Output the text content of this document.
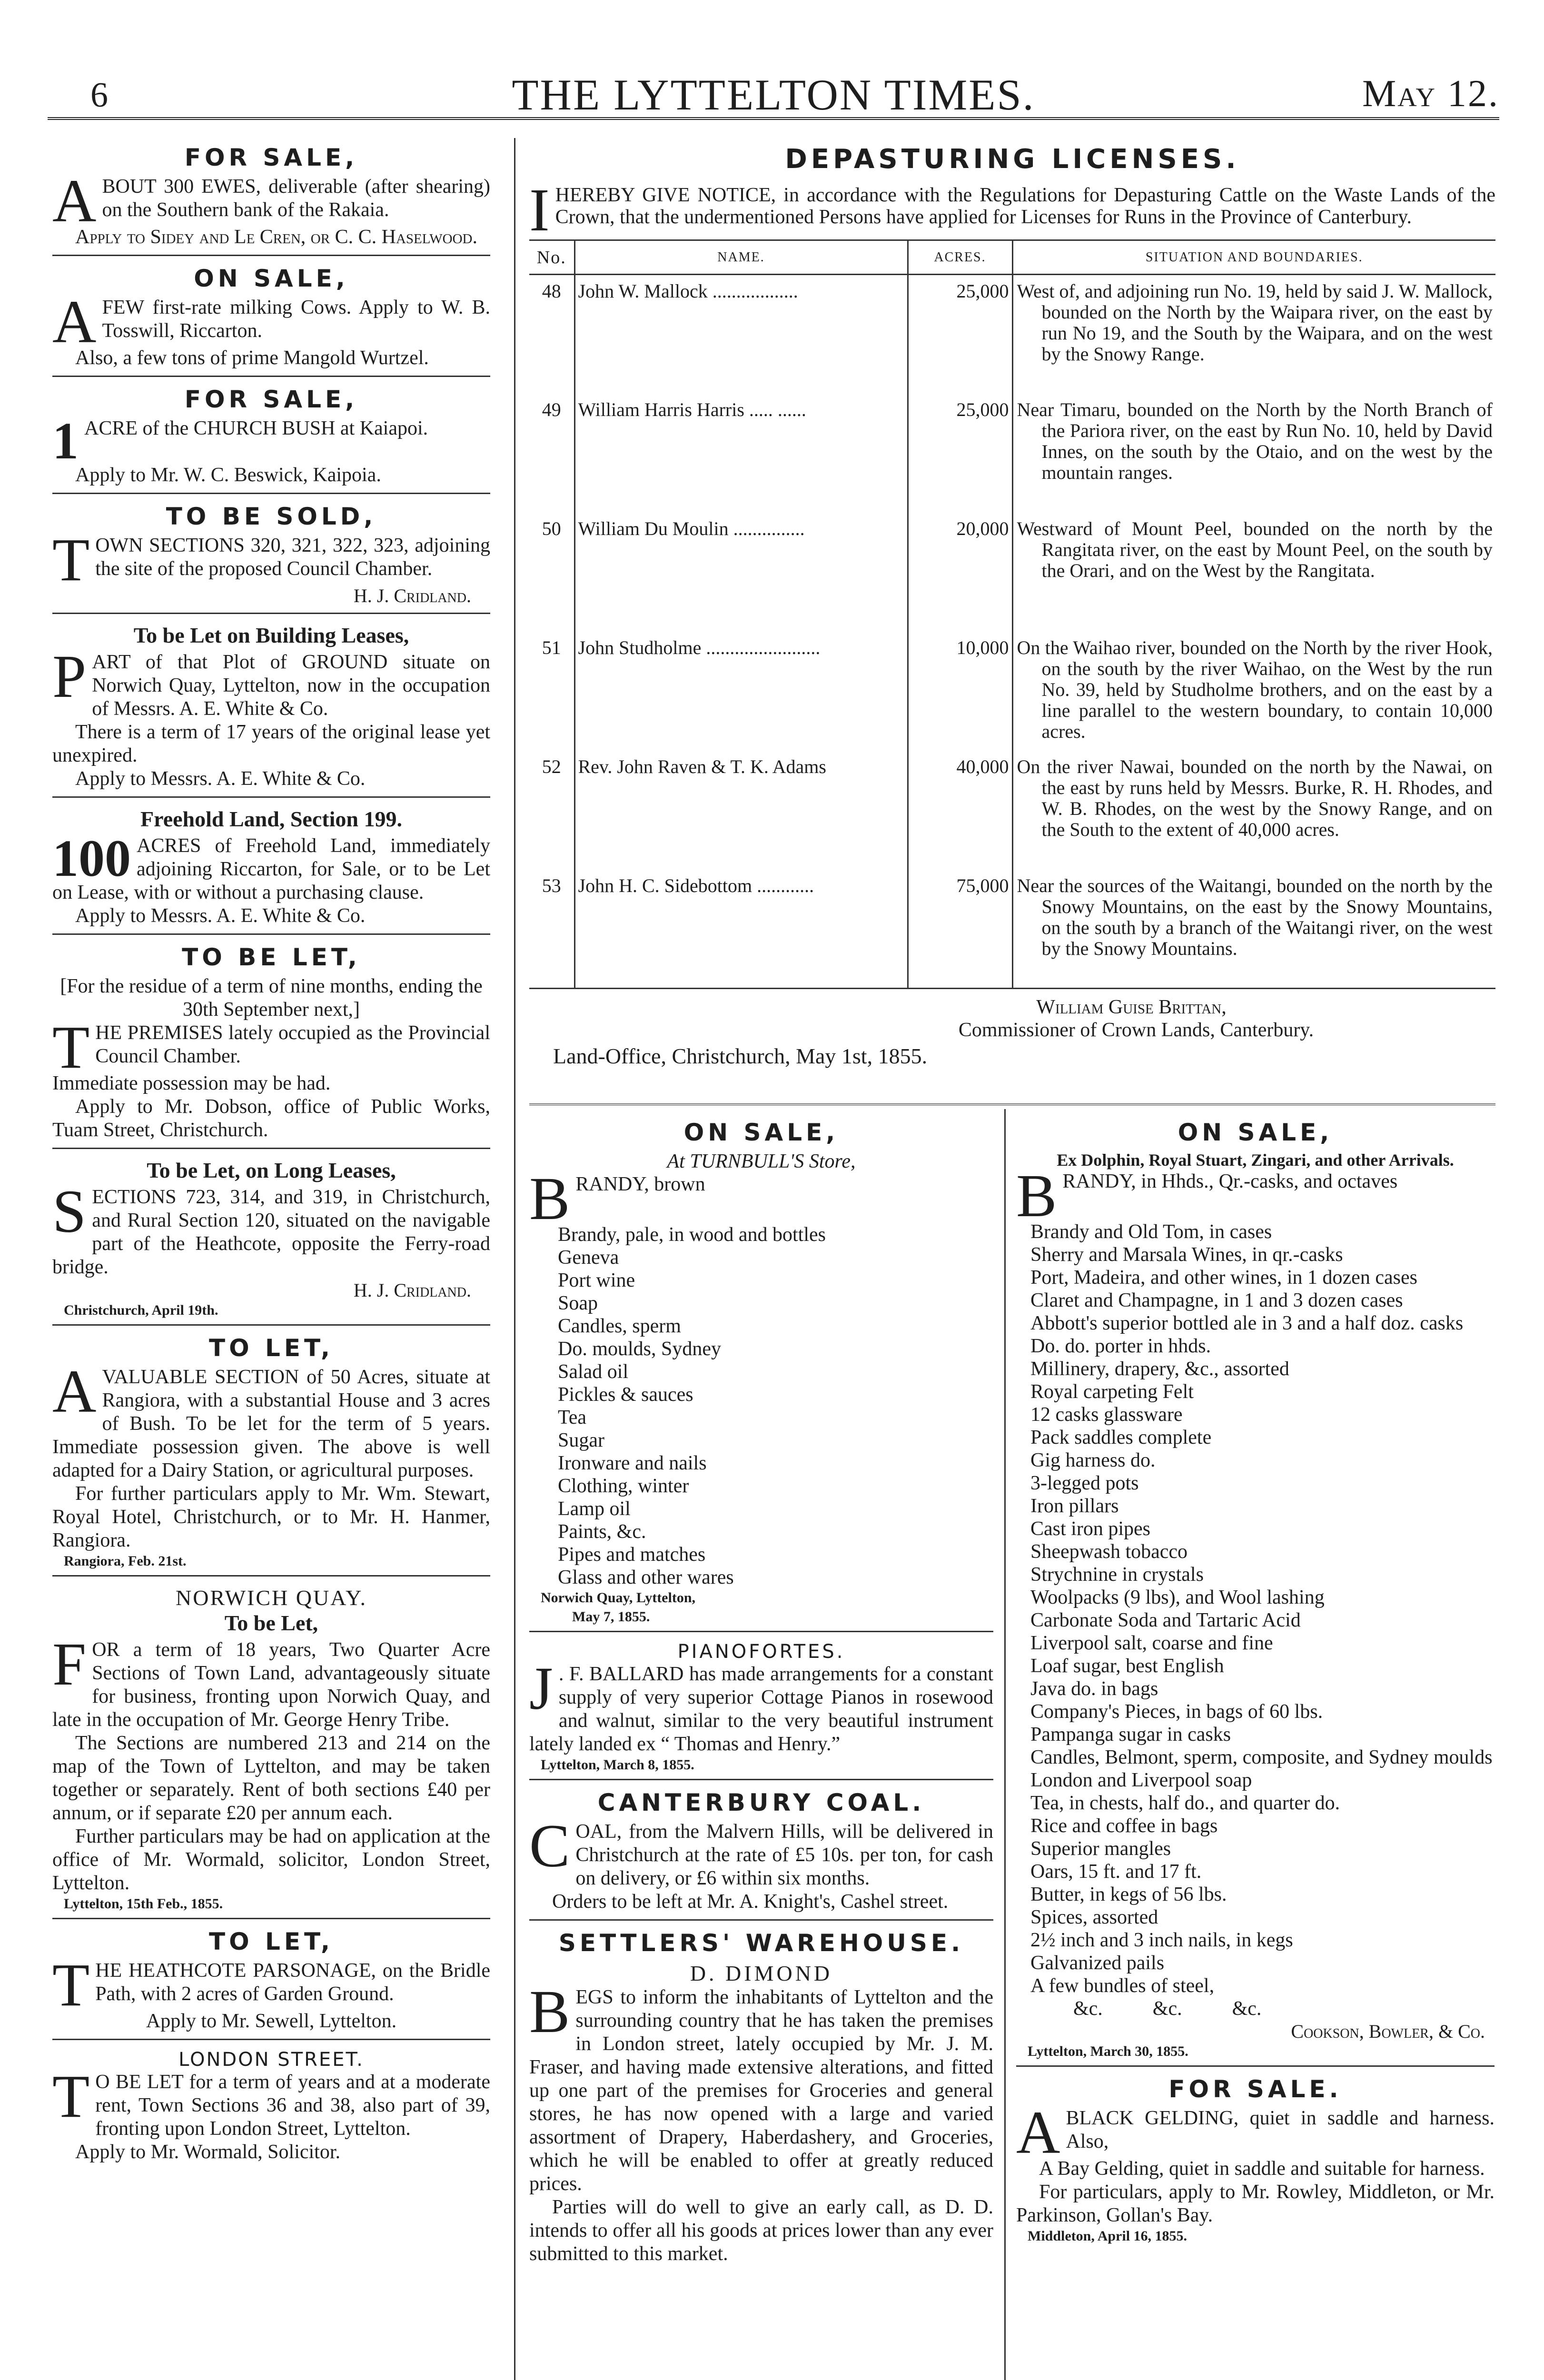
6	THE LYTTELTON TIMES.	May 12.
FOR SALE,

ABOUT 300 EWES, deliverable (after shearing) on the Southern bank of the Rakaia.

Apply to Sidey and Le Cren, or C. C. Haselwood.

ON SALE,

AFEW first-rate milking Cows. Apply to W. B. Tosswill, Riccarton.

Also, a few tons of prime Mangold Wurtzel.

FOR SALE,

1 ACRE of the CHURCH BUSH at Kaiapoi.

Apply to Mr. W. C. Beswick, Kaipoia.

TO BE SOLD,

TOWN SECTIONS 320, 321, 322, 323, adjoining the site of the proposed Council Chamber.

H. J. Cridland.
To be Let on Building Leases,

PART of that Plot of GROUND situate on Norwich Quay, Lyttelton, now in the occupation of Messrs. A. E. White & Co.

There is a term of 17 years of the original lease yet unexpired.

Apply to Messrs. A. E. White & Co.

Freehold Land, Section 199.

100 ACRES of Freehold Land, immediately adjoining Riccarton, for Sale, or to be Let on Lease, with or without a purchasing clause.

Apply to Messrs. A. E. White & Co.

TO BE LET,

[For the residue of a term of nine months, ending the 30th September next,]

THE PREMISES lately occupied as the Provincial Council Chamber.

Immediate possession may be had.

Apply to Mr. Dobson, office of Public Works, Tuam Street, Christchurch.

To be Let, on Long Leases,

SECTIONS 723, 314, and 319, in Christchurch, and Rural Section 120, situated on the navigable part of the Heathcote, opposite the Ferry-road bridge.

H. J. Cridland.
Christchurch, April 19th.
TO LET,

AVALUABLE SECTION of 50 Acres, situate at Rangiora, with a substantial House and 3 acres of Bush. To be let for the term of 5 years. Immediate possession given. The above is well adapted for a Dairy Station, or agricultural purposes.

For further particulars apply to Mr. Wm. Stewart, Royal Hotel, Christchurch, or to Mr. H. Hanmer, Rangiora.

Rangiora, Feb. 21st.
NORWICH QUAY.
To be Let,

FOR a term of 18 years, Two Quarter Acre Sections of Town Land, advantageously situate for business, fronting upon Norwich Quay, and late in the occupation of Mr. George Henry Tribe.

The Sections are numbered 213 and 214 on the map of the Town of Lyttelton, and may be taken together or separately. Rent of both sections £40 per annum, or if separate £20 per annum each.

Further particulars may be had on application at the office of Mr. Wormald, solicitor, London Street, Lyttelton.

Lyttelton, 15th Feb., 1855.
TO LET,

THE HEATHCOTE PARSONAGE, on the Bridle Path, with 2 acres of Garden Ground.

Apply to Mr. Sewell, Lyttelton.

LONDON STREET.

T O BE LET for a term of years and at a moderate rent, Town Sections 36 and 38, also part of 39, fronting upon London Street, Lyttelton.

Apply to Mr. Wormald, Solicitor.

DEPASTURING LICENSES.

IHEREBY GIVE NOTICE, in accordance with the Regulations for Depasturing Cattle on the Waste Lands of the Crown, that the undermentioned Persons have applied for Licenses for Runs in the Province of Canterbury.

No.	NAME.	ACRES.	SITUATION AND BOUNDARIES.
48	John W. Mallock ..................	25,000	West of, and adjoining run No. 19, held by said J. W. Mallock, bounded on the North by the Waipara river, on the east by run No 19, and the South by the Waipara, and on the west by the Snowy Range.
49	William Harris Harris ..... ......	25,000	Near Timaru, bounded on the North by the North Branch of the Pariora river, on the east by Run No. 10, held by David Innes, on the south by the Otaio, and on the west by the mountain ranges.
50	William Du Moulin ...............	20,000	Westward of Mount Peel, bounded on the north by the Rangitata river, on the east by Mount Peel, on the south by the Orari, and on the West by the Rangitata.
51	John Studholme ........................	10,000	On the Waihao river, bounded on the North by the river Hook, on the south by the river Waihao, on the West by the run No. 39, held by Studholme brothers, and on the east by a line parallel to the western boundary, to contain 10,000 acres.
52	Rev. John Raven & T. K. Adams	40,000	On the river Nawai, bounded on the north by the Nawai, on the east by runs held by Messrs. Burke, R. H. Rhodes, and W. B. Rhodes, on the west by the Snowy Range, and on the South to the extent of 40,000 acres.
53	John H. C. Sidebottom ............	75,000	Near the sources of the Waitangi, bounded on the north by the Snowy Mountains, on the east by the Snowy Mountains, on the south by a branch of the Waitangi river, on the west by the Snowy Mountains.
William Guise Brittan,
Commissioner of Crown Lands, Canterbury.
Land-Office, Christchurch, May 1st, 1855.
ON SALE,
At TURNBULL'S Store,

BRANDY, brown

Brandy, pale, in wood and bottles
Geneva
Port wine
Soap
Candles, sperm
Do. moulds, Sydney
Salad oil
Pickles & sauces
Tea
Sugar
Ironware and nails
Clothing, winter
Lamp oil
Paints, &c.
Pipes and matches
Glass and other wares
Norwich Quay, Lyttelton,
May 7, 1855.
PIANOFORTES.

J . F. BALLARD has made arrangements for a constant supply of very superior Cottage Pianos in rosewood and walnut, similar to the very beautiful instrument lately landed ex “ Thomas and Henry.”

Lyttelton, March 8, 1855.
CANTERBURY COAL.

COAL, from the Malvern Hills, will be delivered in Christchurch at the rate of £5 10s. per ton, for cash on delivery, or £6 within six months.

Orders to be left at Mr. A. Knight's, Cashel street.

SETTLERS' WAREHOUSE.
D. DIMOND

BEGS to inform the inhabitants of Lyttelton and the surrounding country that he has taken the premises in London street, lately occupied by Mr. J. M. Fraser, and having made extensive alterations, and fitted up one part of the premises for Groceries and general stores, he has now opened with a large and varied assortment of Drapery, Haberdashery, and Groceries, which he will be enabled to offer at greatly reduced prices.

Parties will do well to give an early call, as D. D. intends to offer all his goods at prices lower than any ever submitted to this market.

ON SALE,
Ex Dolphin, Royal Stuart, Zingari, and other Arrivals.

BRANDY, in Hhds., Qr.-casks, and octaves

Brandy and Old Tom, in cases
Sherry and Marsala Wines, in qr.-casks
Port, Madeira, and other wines, in 1 dozen cases
Claret and Champagne, in 1 and 3 dozen cases
Abbott's superior bottled ale in 3 and a half doz. casks
Do. do. porter in hhds.
Millinery, drapery, &c., assorted
Royal carpeting Felt
12 casks glassware
Pack saddles complete
Gig harness do.
3-legged pots
Iron pillars
Cast iron pipes
Sheepwash tobacco
Strychnine in crystals
Woolpacks (9 lbs), and Wool lashing
Carbonate Soda and Tartaric Acid
Liverpool salt, coarse and fine
Loaf sugar, best English
Java do. in bags
Company's Pieces, in bags of 60 lbs.
Pampanga sugar in casks
Candles, Belmont, sperm, composite, and Sydney moulds
London and Liverpool soap
Tea, in chests, half do., and quarter do.
Rice and coffee in bags
Superior mangles
Oars, 15 ft. and 17 ft.
Butter, in kegs of 56 lbs.
Spices, assorted
2½ inch and 3 inch nails, in kegs
Galvanized pails
A few bundles of steel,
&c.          &c.          &c.
Cookson, Bowler, & Co.
Lyttelton, March 30, 1855.
FOR SALE.

ABLACK GELDING, quiet in saddle and harness. Also,

A Bay Gelding, quiet in saddle and suitable for harness.

For particulars, apply to Mr. Rowley, Middleton, or Mr. Parkinson, Gollan's Bay.

Middleton, April 16, 1855.
